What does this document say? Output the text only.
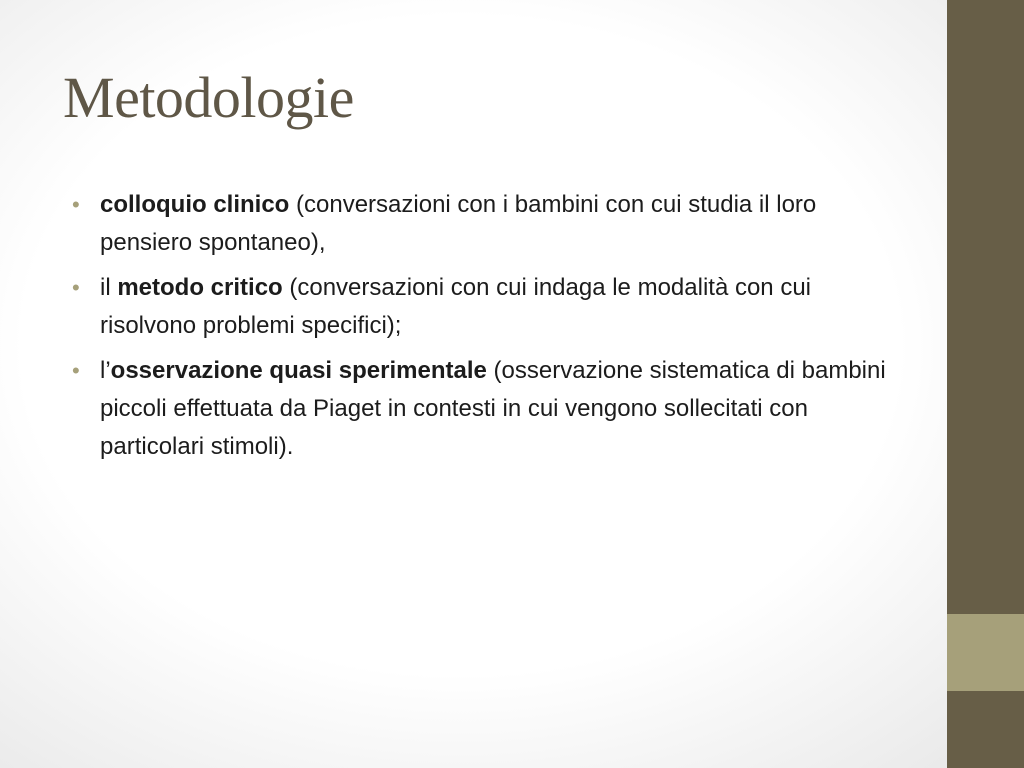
Metodologie
• colloquio clinico (conversazioni con i bambini con cui studia il loro pensiero spontaneo),
• il metodo critico (conversazioni con cui indaga le modalità con cui risolvono problemi specifici);
• l’osservazione quasi sperimentale (osservazione sistematica di bambini piccoli effettuata da Piaget in contesti in cui vengono sollecitati con particolari stimoli).
